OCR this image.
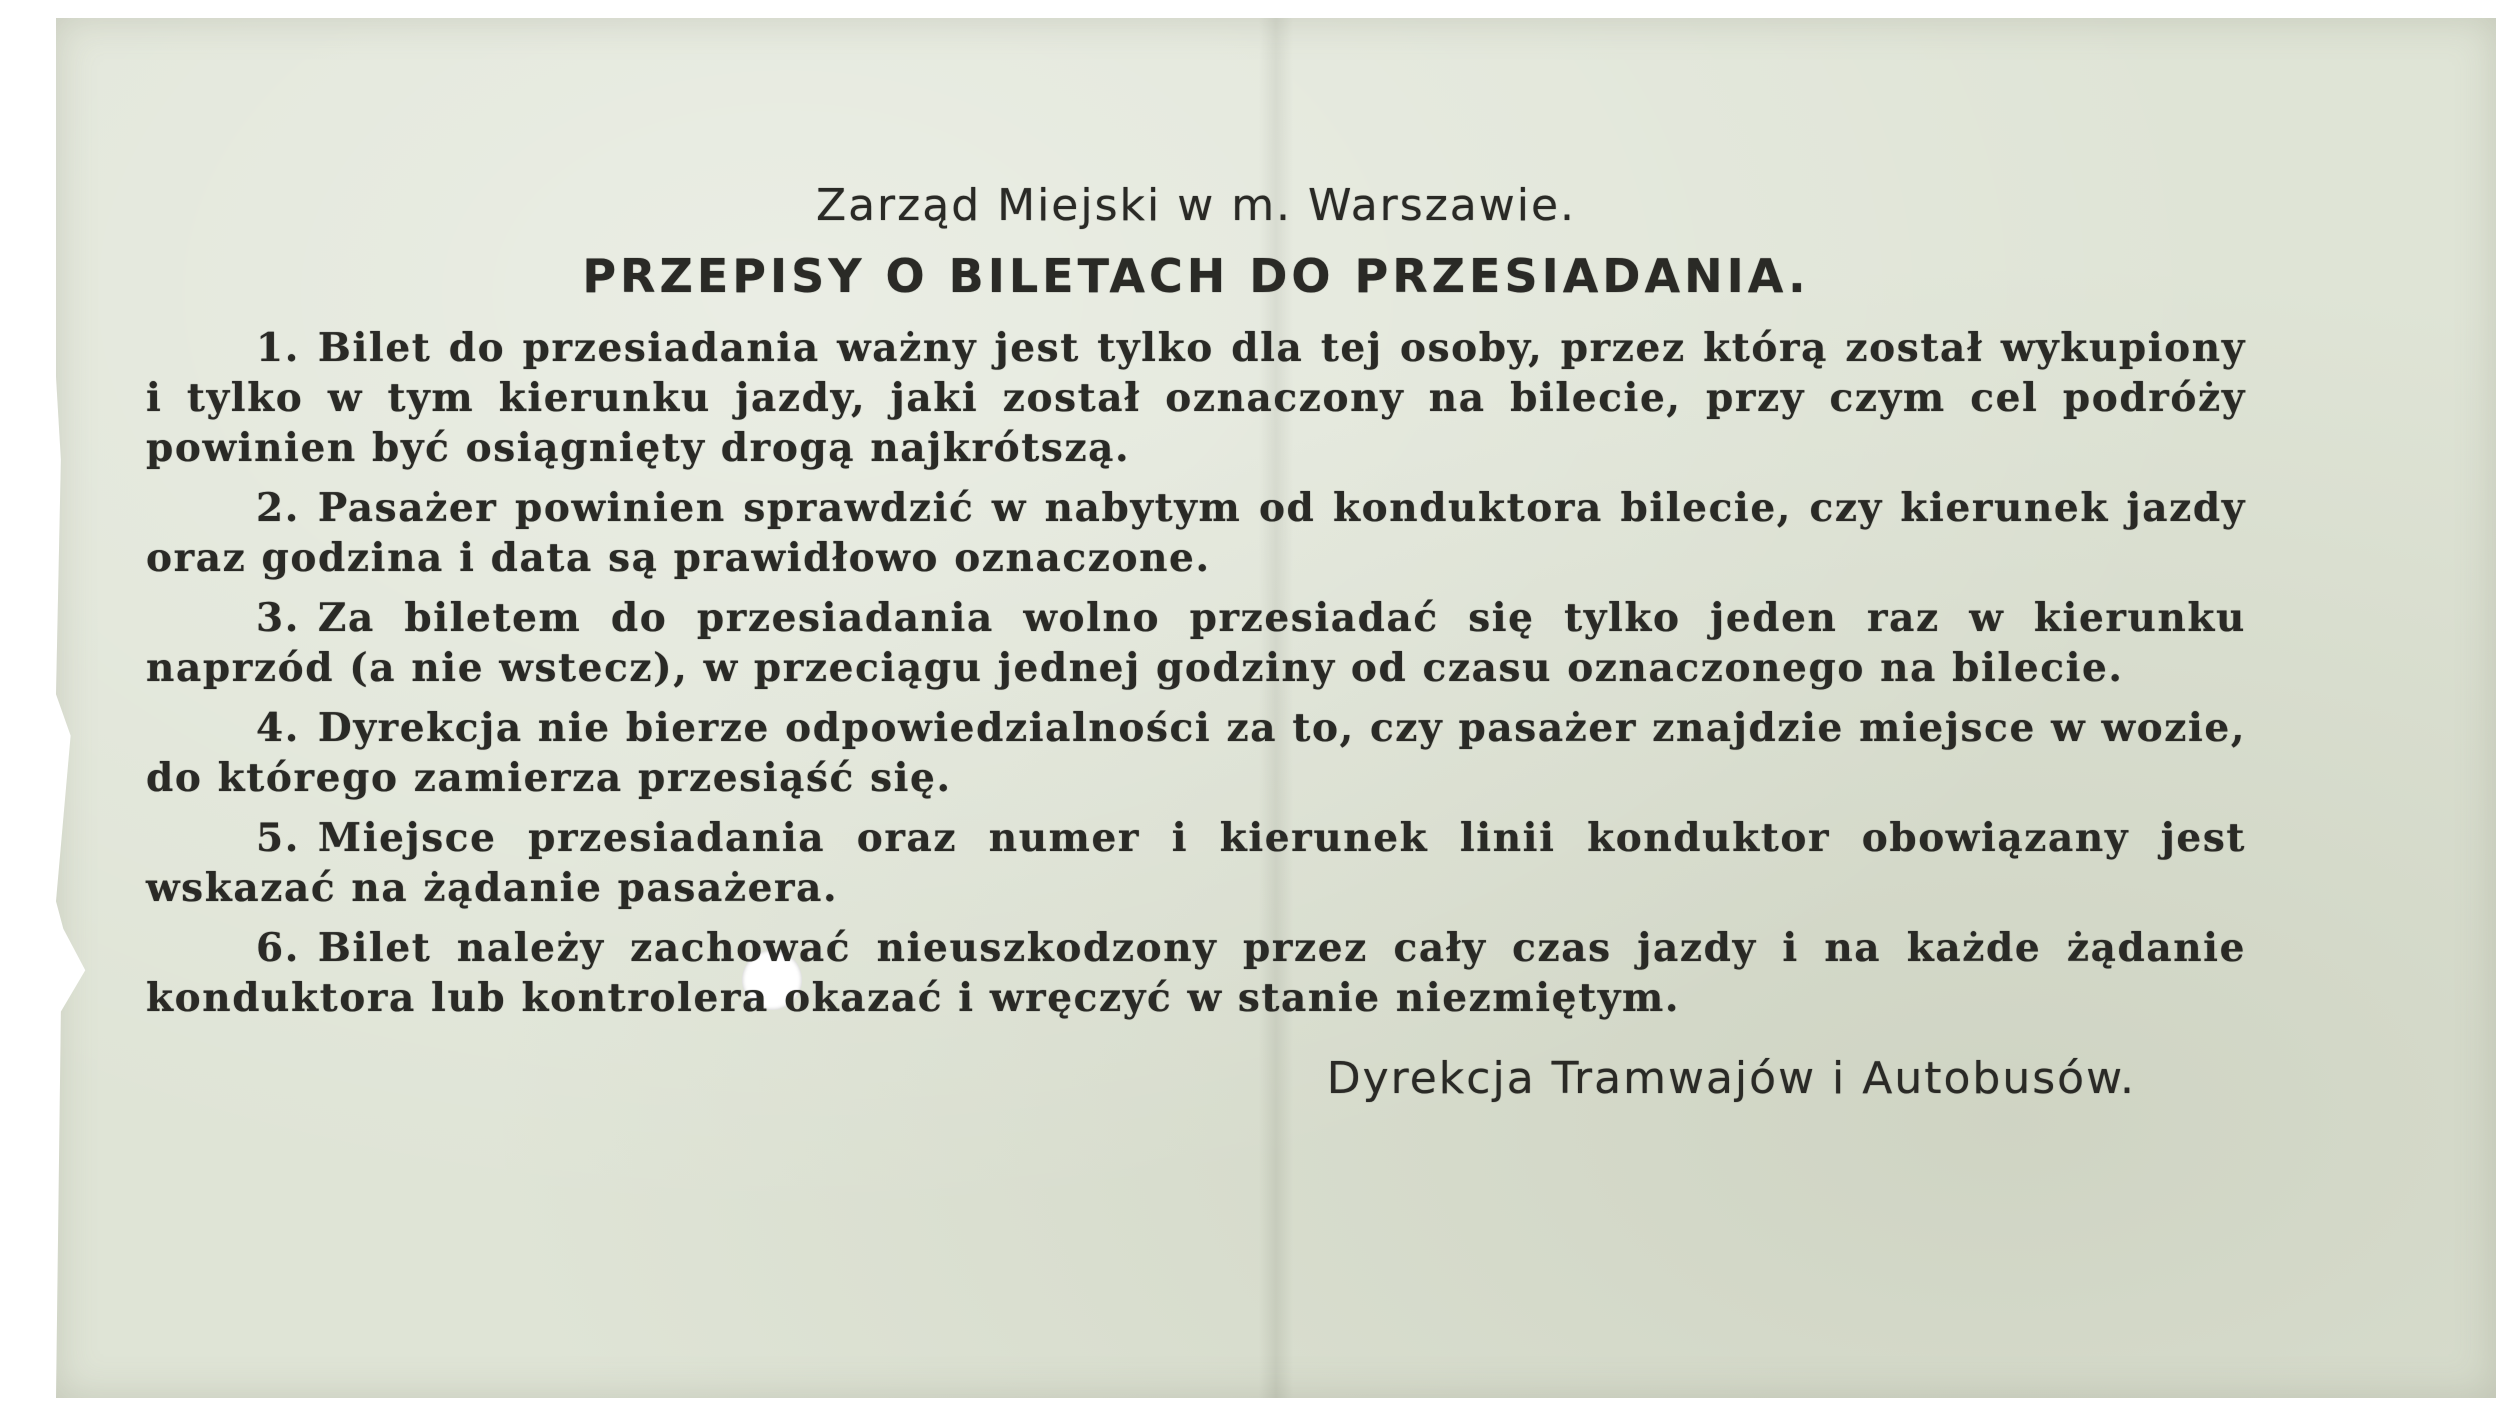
Zarząd Miejski w m. Warszawie.
PRZEPISY O BILETACH DO PRZESIADANIA.

1. Bilet do przesiadania ważny jest tylko dla tej osoby, przez którą został wykupiony i tylko w tym kierunku jazdy, jaki został oznaczony na bilecie, przy czym cel podróży powinien być osiągnięty drogą najkrótszą.

2. Pasażer powinien sprawdzić w nabytym od konduktora bilecie, czy kierunek jazdy oraz godzina i data są prawidłowo oznaczone.

3. Za biletem do przesiadania wolno przesiadać się tylko jeden raz w kierunku naprzód (a nie wstecz), w przeciągu jednej godziny od czasu oznaczonego na bilecie.

4. Dyrekcja nie bierze odpowiedzialności za to, czy pasażer znajdzie miejsce w wozie, do którego zamierza przesiąść się.

5. Miejsce przesiadania oraz numer i kierunek linii konduktor obowiązany jest wskazać na żądanie pasażera.

6. Bilet należy zachować nieuszkodzony przez cały czas jazdy i na każde żądanie konduktora lub kontrolera okazać i wręczyć w stanie niezmiętym.

Dyrekcja Tramwajów i Autobusów.
